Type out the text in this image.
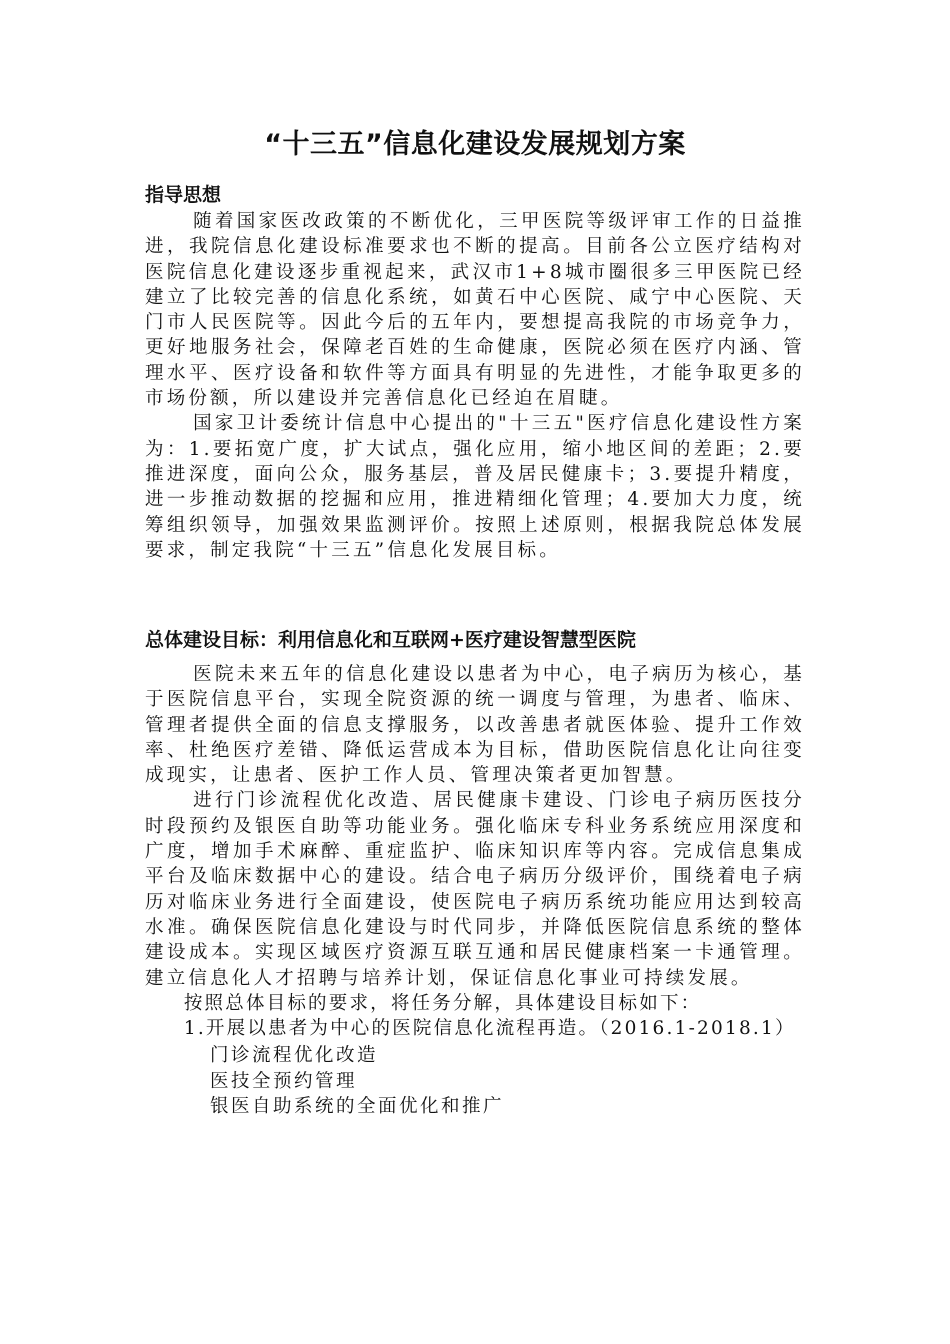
“十三五”信息化建设发展规划方案
指导思想

随着国家医改政策的不断优化，三甲医院等级评审工作的日益推进，我院信息化建设标准要求也不断的提高。目前各公立医疗结构对医院信息化建设逐步重视起来，武汉市1+8城市圈很多三甲医院已经建立了比较完善的信息化系统，如黄石中心医院、咸宁中心医院、天门市人民医院等。因此今后的五年内，要想提高我院的市场竞争力，更好地服务社会，保障老百姓的生命健康，医院必须在医疗内涵、管理水平、医疗设备和软件等方面具有明显的先进性，才能争取更多的市场份额，所以建设并完善信息化已经迫在眉睫。

国家卫计委统计信息中心提出的"十三五"医疗信息化建设性方案为：1.要拓宽广度，扩大试点，强化应用，缩小地区间的差距；2.要推进深度，面向公众，服务基层，普及居民健康卡；3.要提升精度，进一步推动数据的挖掘和应用，推进精细化管理；4.要加大力度，统筹组织领导，加强效果监测评价。按照上述原则，根据我院总体发展要求，制定我院“十三五”信息化发展目标。

总体建设目标：利用信息化和互联网+医疗建设智慧型医院

医院未来五年的信息化建设以患者为中心，电子病历为核心，基于医院信息平台，实现全院资源的统一调度与管理，为患者、临床、管理者提供全面的信息支撑服务，以改善患者就医体验、提升工作效率、杜绝医疗差错、降低运营成本为目标，借助医院信息化让向往变成现实，让患者、医护工作人员、管理决策者更加智慧。

进行门诊流程优化改造、居民健康卡建设、门诊电子病历医技分时段预约及银医自助等功能业务。强化临床专科业务系统应用深度和广度，增加手术麻醉、重症监护、临床知识库等内容。完成信息集成平台及临床数据中心的建设。结合电子病历分级评价，围绕着电子病历对临床业务进行全面建设，使医院电子病历系统功能应用达到较高水准。确保医院信息化建设与时代同步，并降低医院信息系统的整体建设成本。实现区域医疗资源互联互通和居民健康档案一卡通管理。建立信息化人才招聘与培养计划，保证信息化事业可持续发展。

按照总体目标的要求，将任务分解，具体建设目标如下：

1.开展以患者为中心的医院信息化流程再造。（2016.1-2018.1）

门诊流程优化改造

医技全预约管理

银医自助系统的全面优化和推广
